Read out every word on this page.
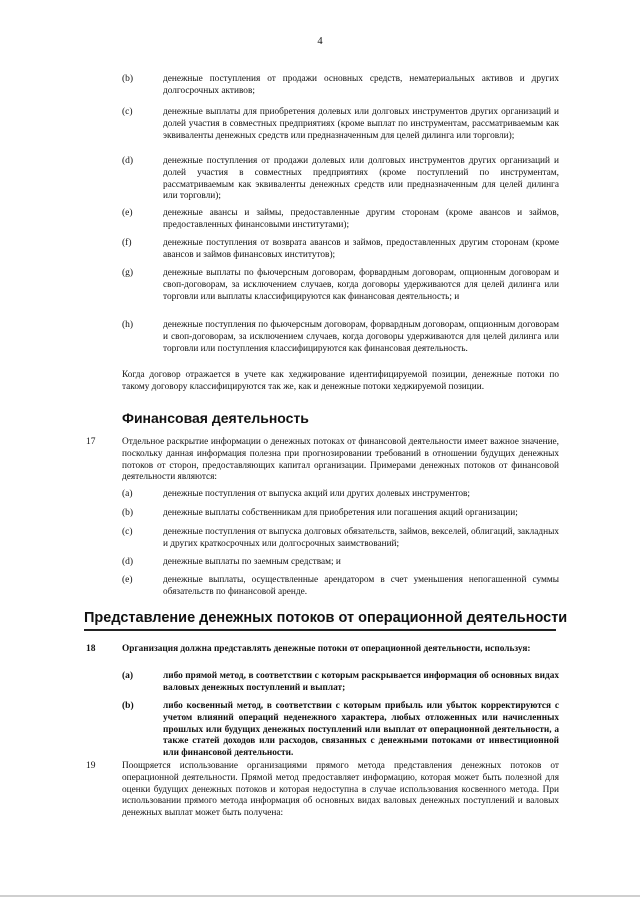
4
(b)	денежные поступления от продажи основных средств, нематериальных активов и других долгосрочных активов;
(c)	денежные выплаты для приобретения долевых или долговых инструментов других организаций и долей участия в совместных предприятиях (кроме выплат по инструментам, рассматриваемым как эквиваленты денежных средств или предназначенным для целей дилинга или торговли);
(d)	денежные поступления от продажи долевых или долговых инструментов других организаций и долей участия в совместных предприятиях (кроме поступлений по инструментам, рассматриваемым как эквиваленты денежных средств или предназначенным для целей дилинга или торговли);
(e)	денежные авансы и займы, предоставленные другим сторонам (кроме авансов и займов, предоставленных финансовыми институтами);
(f)	денежные поступления от возврата авансов и займов, предоставленных другим сторонам (кроме авансов и займов финансовых институтов);
(g)	денежные выплаты по фьючерсным договорам, форвардным договорам, опционным договорам и своп-договорам, за исключением случаев, когда договоры удерживаются для целей дилинга или торговли или выплаты классифицируются как финансовая деятельность; и
(h)	денежные поступления по фьючерсным договорам, форвардным договорам, опционным договорам и своп-договорам, за исключением случаев, когда договоры удерживаются для целей дилинга или торговли или поступления классифицируются как финансовая деятельность.
Когда договор отражается в учете как хеджирование идентифицируемой позиции, денежные потоки по такому договору классифицируются так же, как и денежные потоки хеджируемой позиции.
Финансовая деятельность
17	Отдельное раскрытие информации о денежных потоках от финансовой деятельности имеет важное значение, поскольку данная информация полезна при прогнозировании требований в отношении будущих денежных потоков от сторон, предоставляющих капитал организации. Примерами денежных потоков от финансовой деятельности являются:
(a)	денежные поступления от выпуска акций или других долевых инструментов;
(b)	денежные выплаты собственникам для приобретения или погашения акций организации;
(c)	денежные поступления от выпуска долговых обязательств, займов, векселей, облигаций, закладных и других краткосрочных или долгосрочных заимствований;
(d)	денежные выплаты по заемным средствам; и
(e)	денежные выплаты, осуществленные арендатором в счет уменьшения непогашенной суммы обязательств по финансовой аренде.
Представление денежных потоков от операционной деятельности
18	Организация должна представлять денежные потоки от операционной деятельности, используя:
(a)	либо прямой метод, в соответствии с которым раскрывается информация об основных видах валовых денежных поступлений и выплат;
(b)	либо косвенный метод, в соответствии с которым прибыль или убыток корректируются с учетом влияний операций неденежного характера, любых отложенных или начисленных прошлых или будущих денежных поступлений или выплат от операционной деятельности, а также статей доходов или расходов, связанных с денежными потоками от инвестиционной или финансовой деятельности.
19	Поощряется использование организациями прямого метода представления денежных потоков от операционной деятельности. Прямой метод предоставляет информацию, которая может быть полезной для оценки будущих денежных потоков и которая недоступна в случае использования косвенного метода. При использовании прямого метода информация об основных видах валовых денежных поступлений и валовых денежных выплат может быть получена:
